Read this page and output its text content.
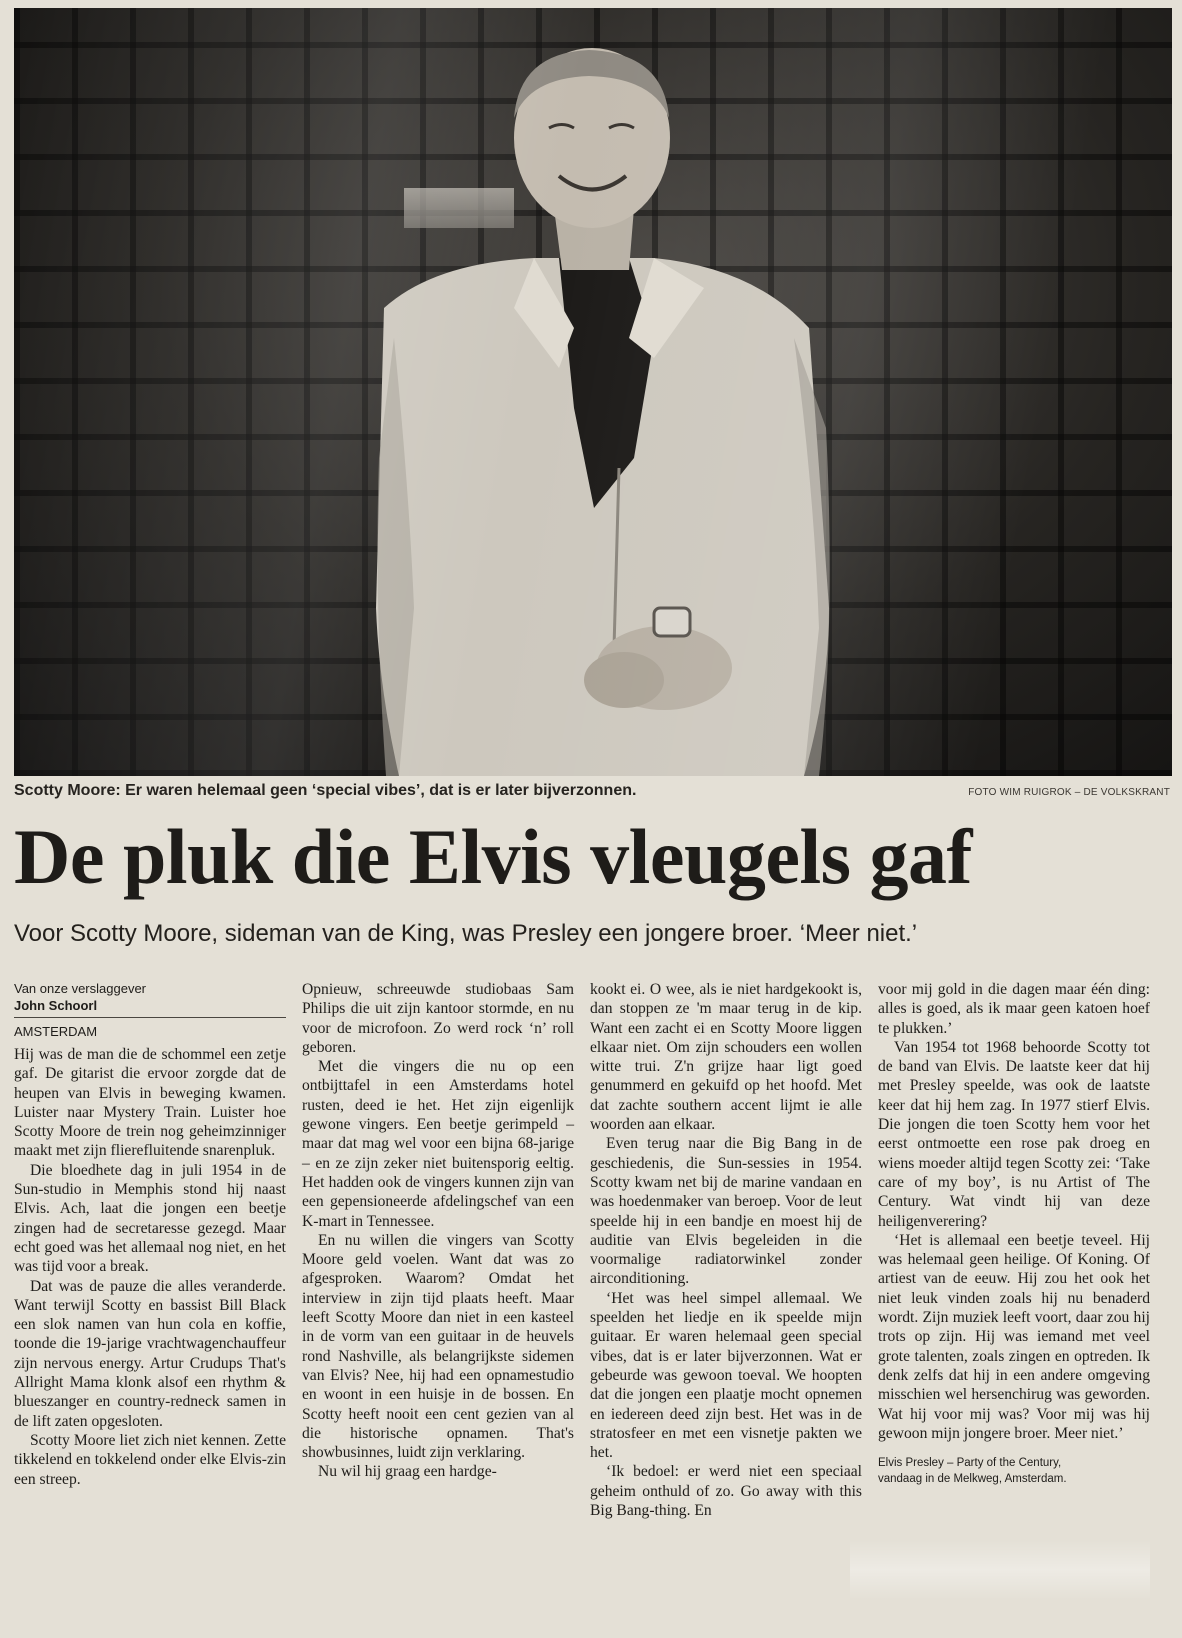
Scotty Moore: Er waren helemaal geen ‘special vibes’, dat is er later bijverzonnen.	FOTO WIM RUIGROK – DE VOLKSKRANT
De pluk die Elvis vleugels gaf
Voor Scotty Moore, sideman van de King, was Presley een jongere broer. ‘Meer niet.’
Van onze verslaggever
John Schoorl
AMSTERDAM

Hij was de man die de schommel een zetje gaf. De gitarist die ervoor zorgde dat de heupen van Elvis in beweging kwamen. Luister naar Mystery Train. Luister hoe Scotty Moore de trein nog geheimzinniger maakt met zijn flierefluitende snarenpluk.

Die bloedhete dag in juli 1954 in de Sun-studio in Memphis stond hij naast Elvis. Ach, laat die jongen een beetje zingen had de secretaresse gezegd. Maar echt goed was het allemaal nog niet, en het was tijd voor a break.

Dat was de pauze die alles veranderde. Want terwijl Scotty en bassist Bill Black een slok namen van hun cola en koffie, toonde die 19-jarige vrachtwagenchauffeur zijn nervous energy. Artur Crudups That's Allright Mama klonk alsof een rhythm & blueszanger en country-redneck samen in de lift zaten opgesloten.

Scotty Moore liet zich niet kennen. Zette tikkelend en tokkelend onder elke Elvis-zin een streep.

Opnieuw, schreeuwde studiobaas Sam Philips die uit zijn kantoor stormde, en nu voor de microfoon. Zo werd rock ‘n’ roll geboren.

Met die vingers die nu op een ontbijttafel in een Amsterdams hotel rusten, deed ie het. Het zijn eigenlijk gewone vingers. Een beetje gerimpeld – maar dat mag wel voor een bijna 68-jarige – en ze zijn zeker niet buitensporig eeltig. Het hadden ook de vingers kunnen zijn van een gepensioneerde afdelingschef van een K-mart in Tennessee.

En nu willen die vingers van Scotty Moore geld voelen. Want dat was zo afgesproken. Waarom? Omdat het interview in zijn tijd plaats heeft. Maar leeft Scotty Moore dan niet in een kasteel in de vorm van een guitaar in de heuvels rond Nashville, als belangrijkste sidemen van Elvis? Nee, hij had een opnamestudio en woont in een huisje in de bossen. En Scotty heeft nooit een cent gezien van al die historische opnamen. That's showbusinnes, luidt zijn verklaring.

Nu wil hij graag een hardge-

kookt ei. O wee, als ie niet hardgekookt is, dan stoppen ze 'm maar terug in de kip. Want een zacht ei en Scotty Moore liggen elkaar niet. Om zijn schouders een wollen witte trui. Z'n grijze haar ligt goed genummerd en gekuifd op het hoofd. Met dat zachte southern accent lijmt ie alle woorden aan elkaar.

Even terug naar die Big Bang in de geschiedenis, die Sun-sessies in 1954. Scotty kwam net bij de marine vandaan en was hoedenmaker van beroep. Voor de leut speelde hij in een bandje en moest hij de auditie van Elvis begeleiden in die voormalige radiatorwinkel zonder airconditioning.

‘Het was heel simpel allemaal. We speelden het liedje en ik speelde mijn guitaar. Er waren helemaal geen special vibes, dat is er later bijverzonnen. Wat er gebeurde was gewoon toeval. We hoopten dat die jongen een plaatje mocht opnemen en iedereen deed zijn best. Het was in de stratosfeer en met een visnetje pakten we het.

‘Ik bedoel: er werd niet een speciaal geheim onthuld of zo. Go away with this Big Bang-thing. En

voor mij gold in die dagen maar één ding: alles is goed, als ik maar geen katoen hoef te plukken.’

Van 1954 tot 1968 behoorde Scotty tot de band van Elvis. De laatste keer dat hij met Presley speelde, was ook de laatste keer dat hij hem zag. In 1977 stierf Elvis. Die jongen die toen Scotty hem voor het eerst ontmoette een rose pak droeg en wiens moeder altijd tegen Scotty zei: ‘Take care of my boy’, is nu Artist of The Century. Wat vindt hij van deze heiligenverering?

‘Het is allemaal een beetje teveel. Hij was helemaal geen heilige. Of Koning. Of artiest van de eeuw. Hij zou het ook het niet leuk vinden zoals hij nu benaderd wordt. Zijn muziek leeft voort, daar zou hij trots op zijn. Hij was iemand met veel grote talenten, zoals zingen en optreden. Ik denk zelfs dat hij in een andere omgeving misschien wel hersenchirug was geworden. Wat hij voor mij was? Voor mij was hij gewoon mijn jongere broer. Meer niet.’

Elvis Presley – Party of the Century,
vandaag in de Melkweg, Amsterdam.
